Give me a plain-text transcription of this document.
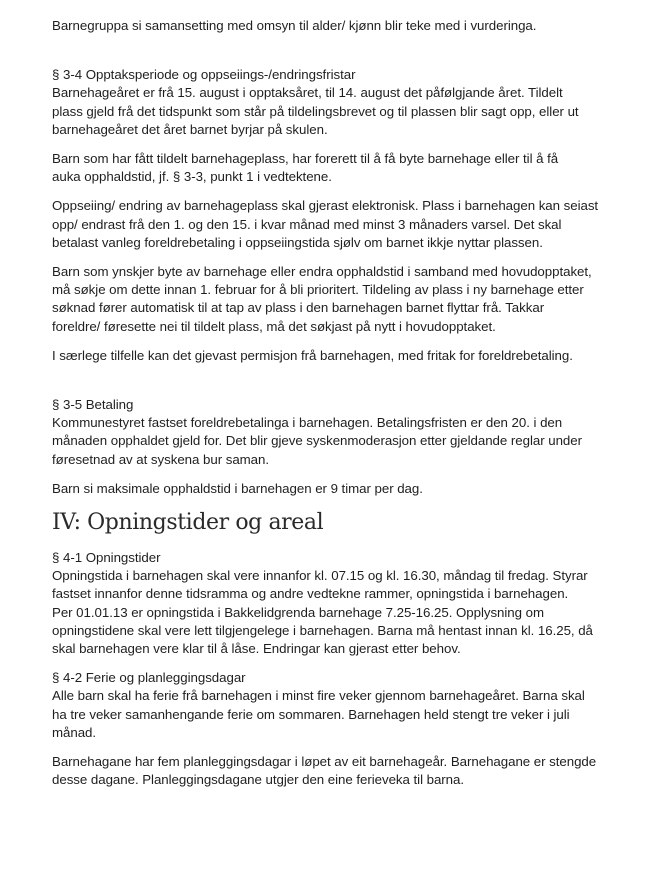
Barnegruppa si samansetting med omsyn til alder/ kjønn blir teke med i vurderinga.

§ 3-4 Opptaksperiode og oppseiings-/endringsfristar
Barnehageåret er frå 15. august i opptaksåret, til 14. august det påfølgjande året. Tildelt
plass gjeld frå det tidspunkt som står på tildelingsbrevet og til plassen blir sagt opp, eller ut
barnehageåret det året barnet byrjar på skulen.

Barn som har fått tildelt barnehageplass, har forerett til å få byte barnehage eller til å få
auka opphaldstid, jf. § 3-3, punkt 1 i vedtektene.

Oppseiing/ endring av barnehageplass skal gjerast elektronisk. Plass i barnehagen kan seiast
opp/ endrast frå den 1. og den 15. i kvar månad med minst 3 månaders varsel. Det skal
betalast vanleg foreldrebetaling i oppseiingstida sjølv om barnet ikkje nyttar plassen.

Barn som ynskjer byte av barnehage eller endra opphaldstid i samband med hovudopptaket,
må søkje om dette innan 1. februar for å bli prioritert. Tildeling av plass i ny barnehage etter
søknad fører automatisk til at tap av plass i den barnehagen barnet flyttar frå. Takkar
foreldre/ føresette nei til tildelt plass, må det søkjast på nytt i hovudopptaket.

I særlege tilfelle kan det gjevast permisjon frå barnehagen, med fritak for foreldrebetaling.

§ 3-5 Betaling
Kommunestyret fastset foreldrebetalinga i barnehagen. Betalingsfristen er den 20. i den
månaden opphaldet gjeld for. Det blir gjeve syskenmoderasjon etter gjeldande reglar under
føresetnad av at syskena bur saman.

Barn si maksimale opphaldstid i barnehagen er 9 timar per dag.

IV: Opningstider og areal

§ 4-1 Opningstider
Opningstida i barnehagen skal vere innanfor kl. 07.15 og kl. 16.30, måndag til fredag. Styrar
fastset innanfor denne tidsramma og andre vedtekne rammer, opningstida i barnehagen.
Per 01.01.13 er opningstida i Bakkelidgrenda barnehage 7.25-16.25. Opplysning om
opningstidene skal vere lett tilgjengelege i barnehagen. Barna må hentast innan kl. 16.25, då
skal barnehagen vere klar til å låse. Endringar kan gjerast etter behov.

§ 4-2 Ferie og planleggingsdagar
Alle barn skal ha ferie frå barnehagen i minst fire veker gjennom barnehageåret. Barna skal
ha tre veker samanhengande ferie om sommaren. Barnehagen held stengt tre veker i juli
månad.

Barnehagane har fem planleggingsdagar i løpet av eit barnehageår. Barnehagane er stengde
desse dagane. Planleggingsdagane utgjer den eine ferieveka til barna.
